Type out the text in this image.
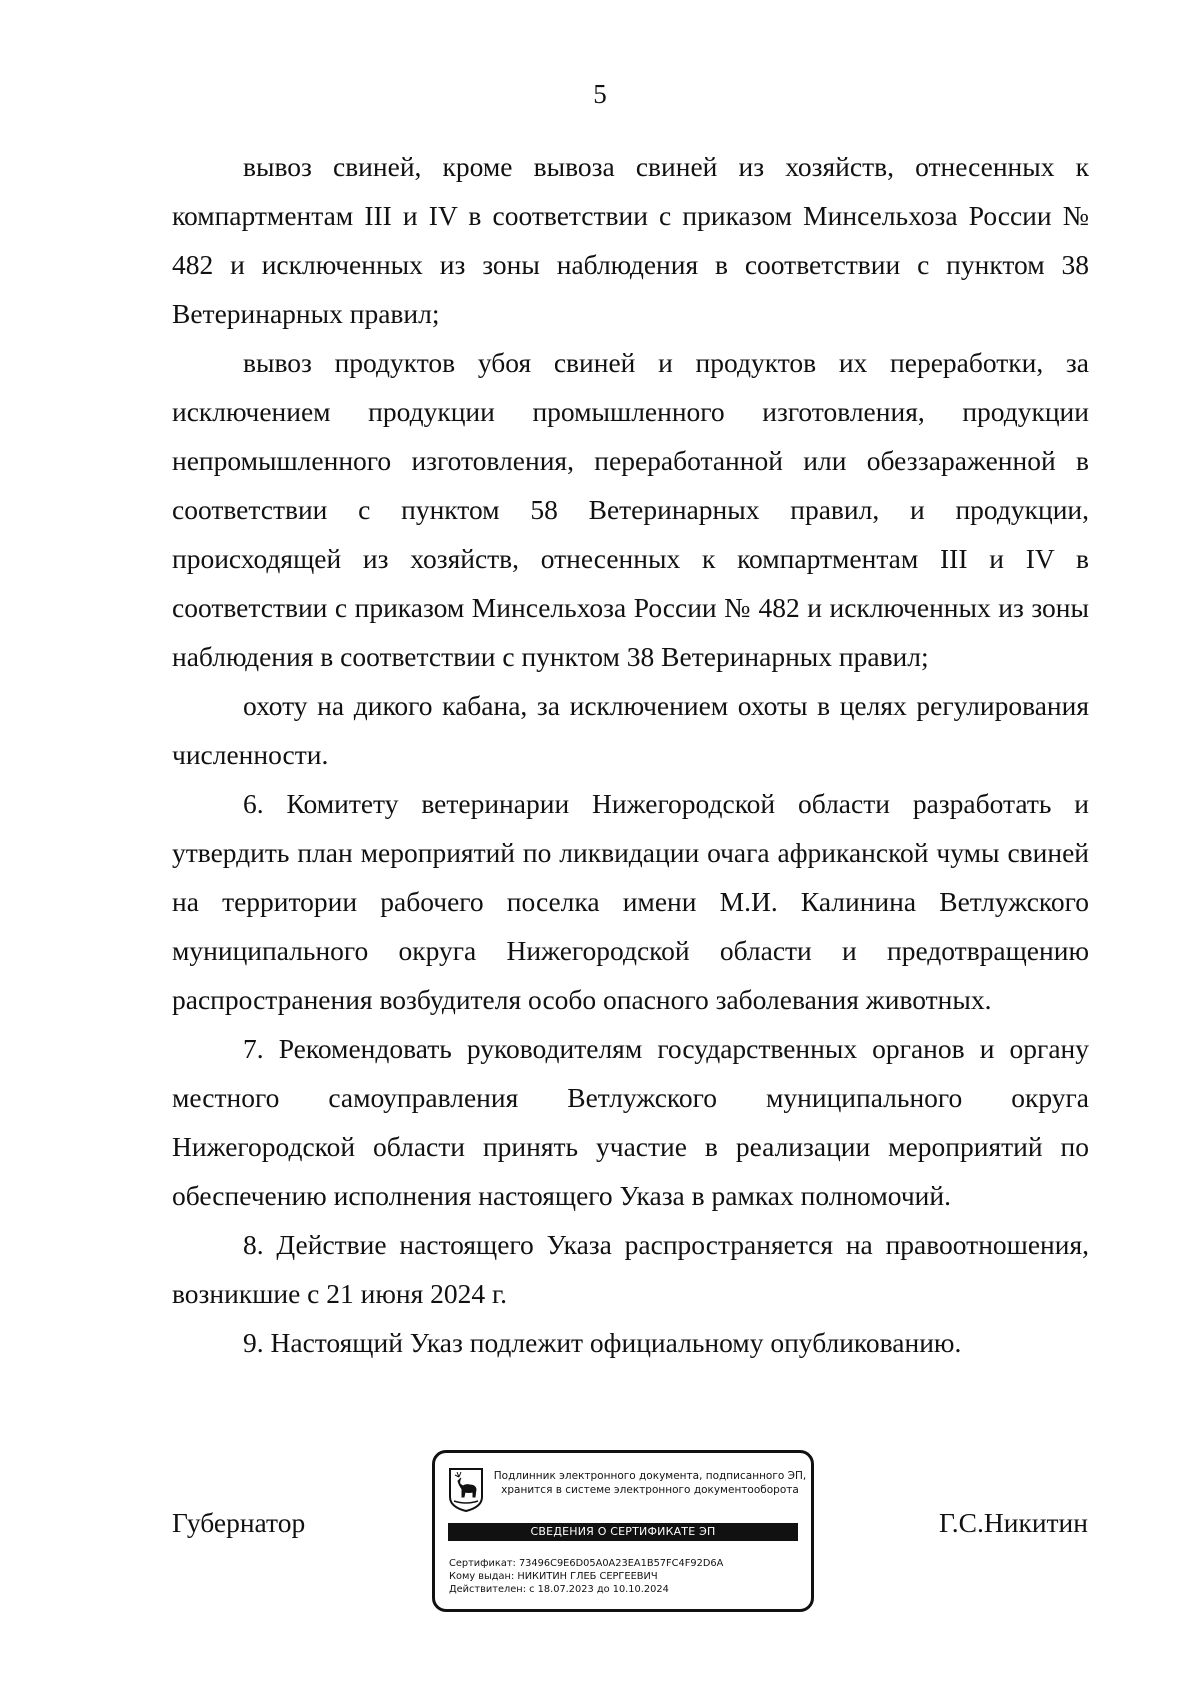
5

вывоз свиней, кроме вывоза свиней из хозяйств, отнесенных к компартментам III и IV в соответствии с приказом Минсельхоза России № 482 и исключенных из зоны наблюдения в соответствии с пунктом 38 Ветеринарных правил;

вывоз продуктов убоя свиней и продуктов их переработки, за исключением продукции промышленного изготовления, продукции непромышленного изготовления, переработанной или обеззараженной в соответствии с пунктом 58 Ветеринарных правил, и продукции, происходящей из хозяйств, отнесенных к компартментам III и IV в соответствии с приказом Минсельхоза России № 482 и исключенных из зоны наблюдения в соответствии с пунктом 38 Ветеринарных правил;

охоту на дикого кабана, за исключением охоты в целях регулирования численности.

6. Комитету ветеринарии Нижегородской области разработать и утвердить план мероприятий по ликвидации очага африканской чумы свиней на территории рабочего поселка имени М.И. Калинина Ветлужского муниципального округа Нижегородской области и предотвращению распространения возбудителя особо опасного заболевания животных.

7. Рекомендовать руководителям государственных органов и органу местного самоуправления Ветлужского муниципального округа Нижегородской области принять участие в реализации мероприятий по обеспечению исполнения настоящего Указа в рамках полномочий.

8. Действие настоящего Указа распространяется на правоотношения, возникшие с 21 июня 2024 г.

9. Настоящий Указ подлежит официальному опубликованию.

Губернатор	Г.С.Никитин
Подлинник электронного документа, подписанного ЭП,
хранится в системе электронного документооборота
СВЕДЕНИЯ О СЕРТИФИКАТЕ ЭП
Сертификат: 73496C9E6D05A0A23EA1B57FC4F92D6A
Кому выдан: НИКИТИН ГЛЕБ СЕРГЕЕВИЧ
Действителен: с 18.07.2023 до 10.10.2024
